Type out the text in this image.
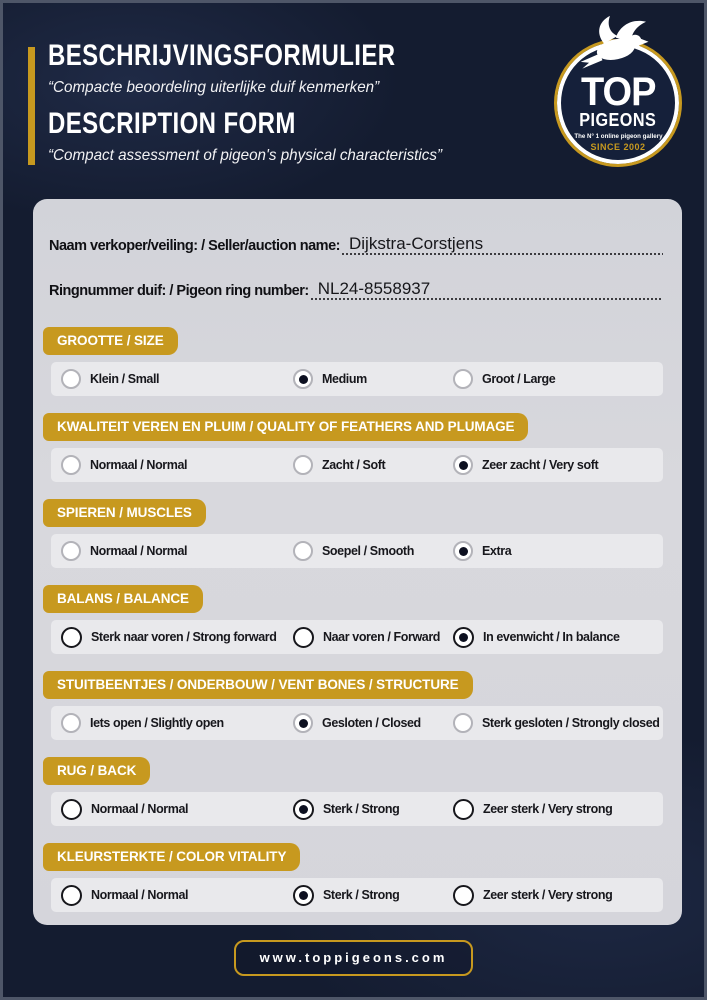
BESCHRIJVINGSFORMULIER
“Compacte beoordeling uiterlijke duif kenmerken”
DESCRIPTION FORM
“Compact assessment of pigeon's physical characteristics”
TOP
PIGEONS
The N° 1 online pigeon gallery
SINCE 2002
Naam verkoper/veiling: / Seller/auction name: Dijkstra-Corstjens
Ringnummer duif: / Pigeon ring number: NL24-8558937
GROOTTE / SIZE
Klein / Small	Medium	Groot / Large
KWALITEIT VEREN EN PLUIM / QUALITY OF FEATHERS AND PLUMAGE
Normaal / Normal	Zacht / Soft	Zeer zacht / Very soft
SPIEREN / MUSCLES
Normaal / Normal	Soepel / Smooth	Extra
BALANS / BALANCE
Sterk naar voren / Strong forward	Naar voren / Forward	In evenwicht / In balance
STUITBEENTJES / ONDERBOUW / VENT BONES / STRUCTURE
Iets open / Slightly open	Gesloten / Closed	Sterk gesloten / Strongly closed
RUG / BACK
Normaal / Normal	Sterk / Strong	Zeer sterk / Very strong
KLEURSTERKTE / COLOR VITALITY
Normaal / Normal	Sterk / Strong	Zeer sterk / Very strong
www.toppigeons.com
